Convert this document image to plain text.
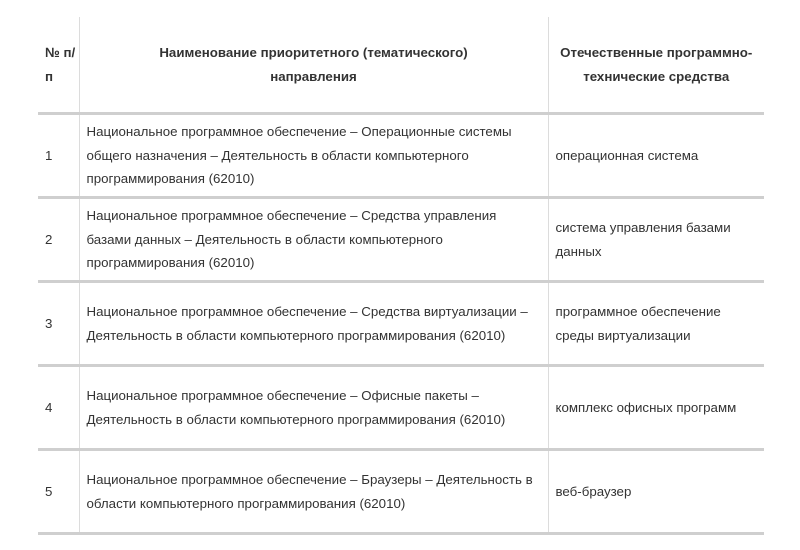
№ п/п	Наименование приоритетного (тематического) направления	Отечественные программно-технические средства
1	Национальное программное обеспечение – Операционные системы общего назначения – Деятельность в области компьютерного программирования (62010)	операционная система
2	Национальное программное обеспечение – Средства управления базами данных – Деятельность в области компьютерного программирования (62010)	система управления базами данных
3	Национальное программное обеспечение – Средства виртуализации – Деятельность в области компьютерного программирования (62010)	программное обеспечение среды виртуализации
4	Национальное программное обеспечение – Офисные пакеты – Деятельность в области компьютерного программирования (62010)	комплекс офисных программ
5	Национальное программное обеспечение – Браузеры – Деятельность в области компьютерного программирования (62010)	веб-браузер
